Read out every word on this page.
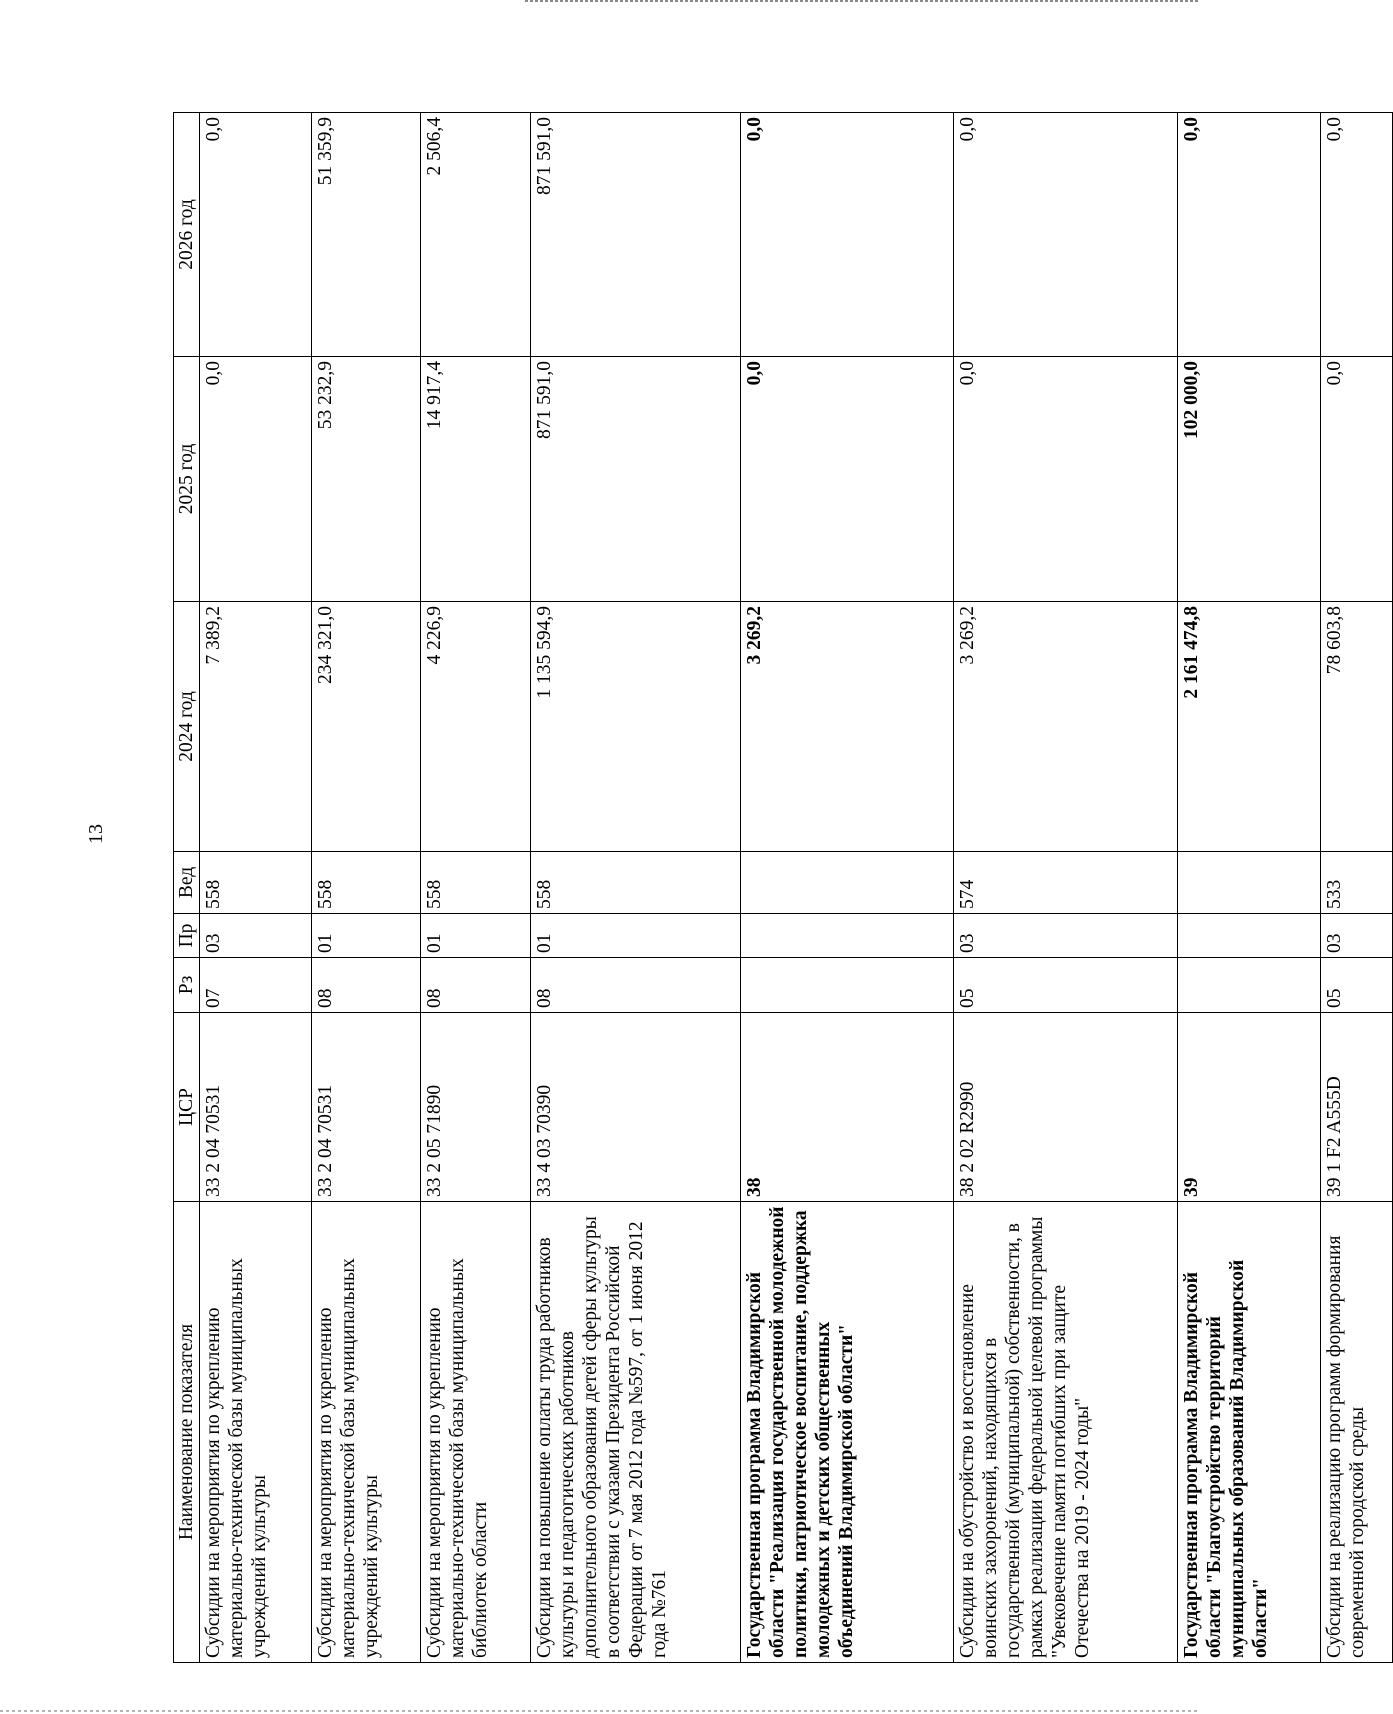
13
Наименование показателя	ЦСР	Рз	Пр	Вед	2024 год	2025 год	2026 год
Субсидии на мероприятия по укреплению материально-технической базы муниципальных учреждений культуры	33 2 04 70531	07	03	558	7 389,2	0,0	0,0
Субсидии на мероприятия по укреплению материально-технической базы муниципальных учреждений культуры	33 2 04 70531	08	01	558	234 321,0	53 232,9	51 359,9
Субсидии на мероприятия по укреплению материально-технической базы муниципальных библиотек области	33 2 05 71890	08	01	558	4 226,9	14 917,4	2 506,4
Субсидии на повышение оплаты труда работников культуры и педагогических работников дополнительного образования детей сферы культуры в соответствии с указами Президента Российской Федерации от 7 мая 2012 года №597, от 1 июня 2012 года №761	33 4 03 70390	08	01	558	1 135 594,9	871 591,0	871 591,0
Государственная программа Владимирской области "Реализация государственной молодежной политики, патриотическое воспитание, поддержка молодежных и детских общественных объединений Владимирской области"	38				3 269,2	0,0	0,0
Субсидии на обустройство и восстановление воинских захоронений, находящихся в государственной (муниципальной) собственности, в рамках реализации федеральной целевой программы "Увековечение памяти погибших при защите Отечества на 2019 - 2024 годы"	38 2 02 R2990	05	03	574	3 269,2	0,0	0,0
Государственная программа Владимирской области "Благоустройство территорий муниципальных образований Владимирской области"	39				2 161 474,8	102 000,0	0,0
Субсидии на реализацию программ формирования современной городской среды	39 1 F2 A555D	05	03	533	78 603,8	0,0	0,0
